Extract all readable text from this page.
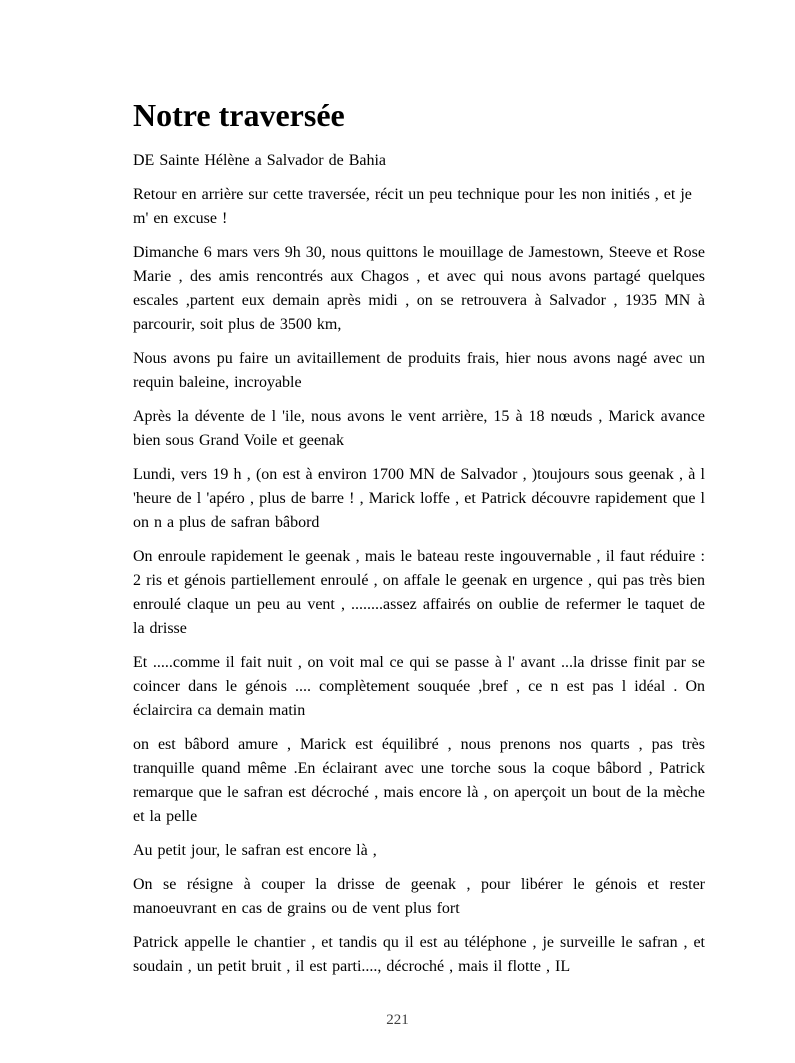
Notre traversée

DE Sainte Hélène a Salvador de Bahia

Retour en arrière sur cette traversée, récit un peu technique pour les non initiés , et je m' en excuse !

Dimanche 6 mars vers 9h 30, nous quittons le mouillage de Jamestown, Steeve et Rose Marie , des amis rencontrés aux Chagos , et avec qui nous avons partagé quelques escales ,partent eux demain après midi , on se retrouvera à Salvador , 1935 MN à parcourir, soit plus de 3500 km,

Nous avons pu faire un avitaillement de produits frais, hier nous avons nagé avec un requin baleine, incroyable

Après la dévente de l 'ile, nous avons le vent arrière, 15 à 18 nœuds , Marick avance bien sous Grand Voile et geenak

Lundi, vers 19 h , (on est à environ 1700 MN de Salvador , )toujours sous geenak , à l 'heure de l 'apéro , plus de barre ! , Marick loffe , et Patrick découvre rapidement que l on n a plus de safran bâbord

On enroule rapidement le geenak , mais le bateau reste ingouvernable , il faut réduire : 2 ris et génois partiellement enroulé , on affale le geenak en urgence , qui pas très bien enroulé claque un peu au vent , ........assez affairés on oublie de refermer le taquet de la drisse

Et .....comme il fait nuit , on voit mal ce qui se passe à l' avant ...la drisse finit par se coincer dans le génois .... complètement souquée ,bref , ce n est pas l idéal . On éclaircira ca demain matin

on est bâbord amure , Marick est équilibré , nous prenons nos quarts , pas très tranquille quand même .En éclairant avec une torche sous la coque bâbord , Patrick remarque que le safran est décroché , mais encore là , on aperçoit un bout de la mèche et la pelle

Au petit jour, le safran est encore là ,

On se résigne à couper la drisse de geenak , pour libérer le génois et rester manoeuvrant en cas de grains ou de vent plus fort

Patrick appelle le chantier , et tandis qu il est au téléphone , je surveille le safran , et soudain , un petit bruit , il est parti...., décroché , mais il flotte , IL

221
